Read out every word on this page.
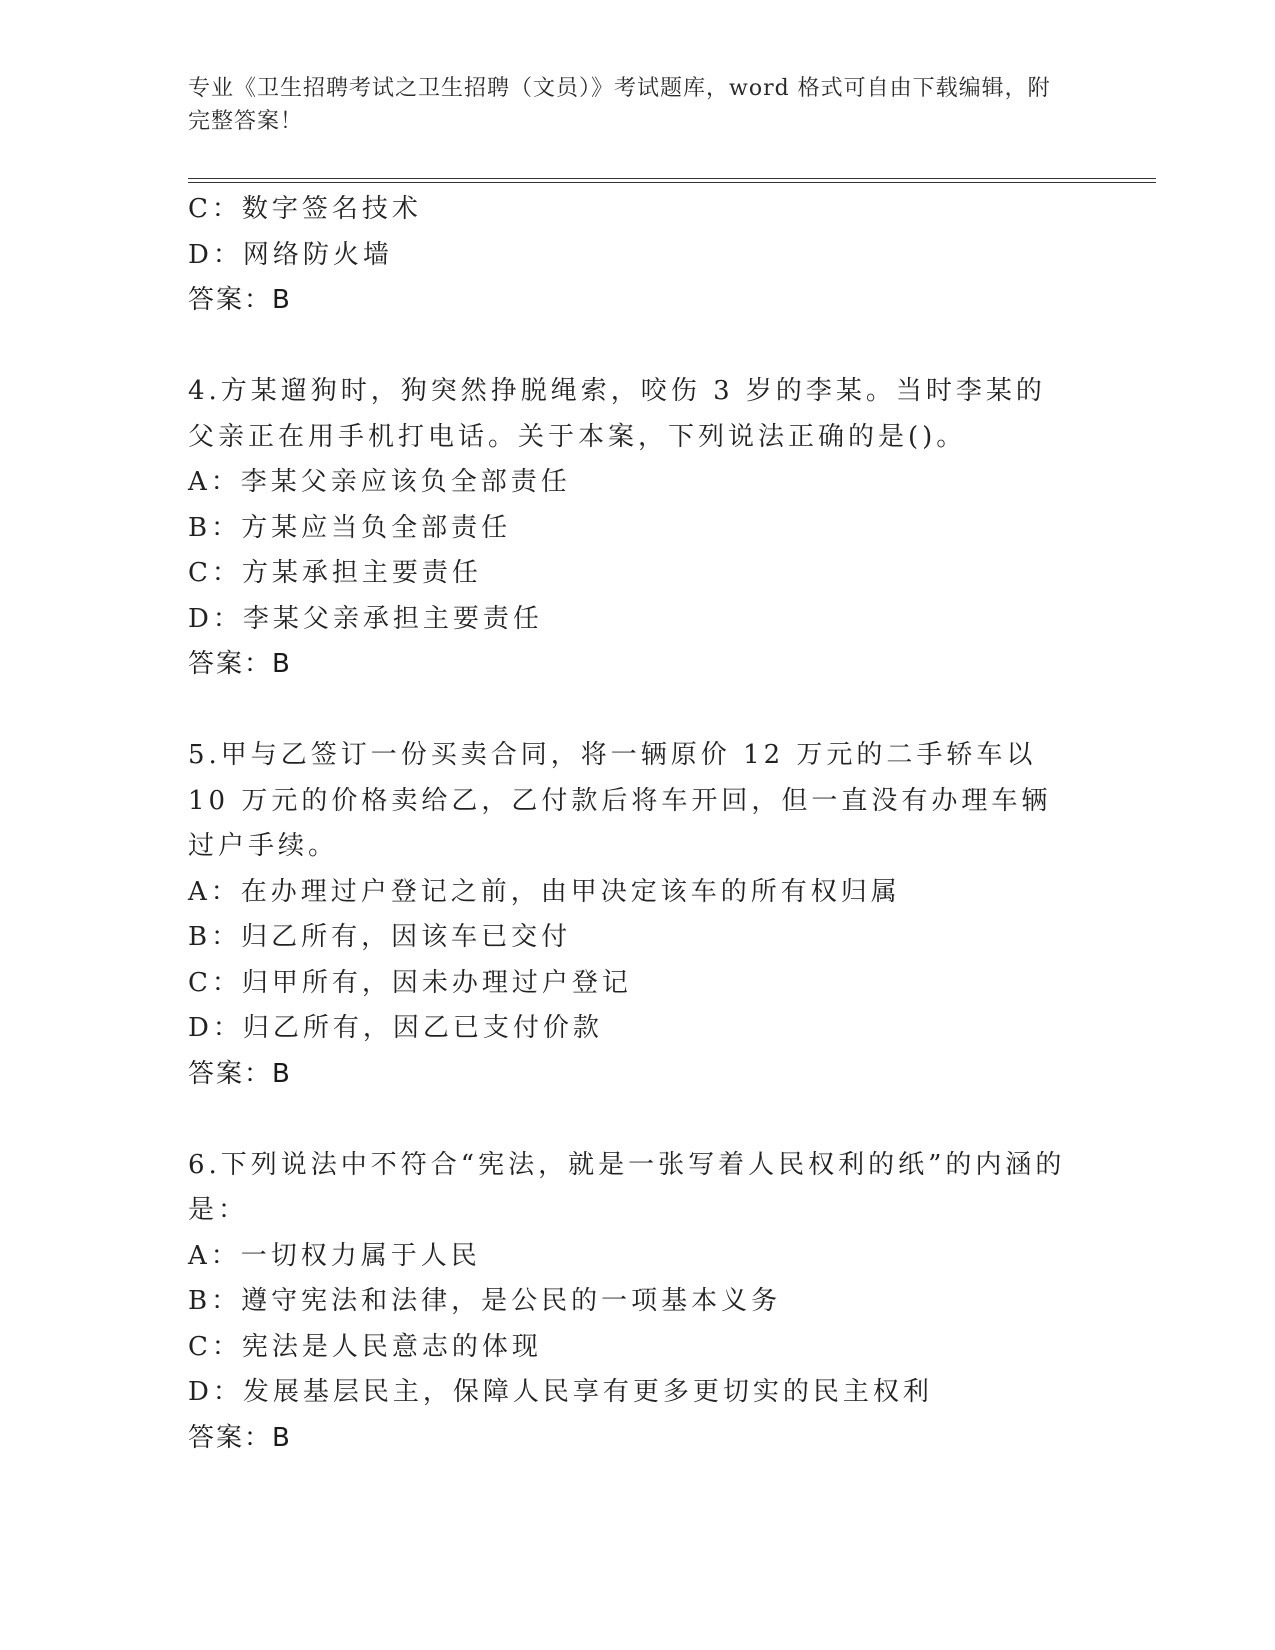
专业《卫生招聘考试之卫生招聘（文员）》考试题库，word 格式可自由下载编辑，附完整答案！
C：数字签名技术
D：网络防火墙
答案：B
4.方某遛狗时，狗突然挣脱绳索，咬伤 3 岁的李某。当时李某的父亲正在用手机打电话。关于本案，下列说法正确的是()。
A：李某父亲应该负全部责任
B：方某应当负全部责任
C：方某承担主要责任
D：李某父亲承担主要责任
答案：B
5.甲与乙签订一份买卖合同，将一辆原价 12 万元的二手轿车以 10 万元的价格卖给乙，乙付款后将车开回，但一直没有办理车辆过户手续。
A：在办理过户登记之前，由甲决定该车的所有权归属
B：归乙所有，因该车已交付
C：归甲所有，因未办理过户登记
D：归乙所有，因乙已支付价款
答案：B
6.下列说法中不符合“宪法，就是一张写着人民权利的纸”的内涵的是：
A：一切权力属于人民
B：遵守宪法和法律，是公民的一项基本义务
C：宪法是人民意志的体现
D：发展基层民主，保障人民享有更多更切实的民主权利
答案：B
